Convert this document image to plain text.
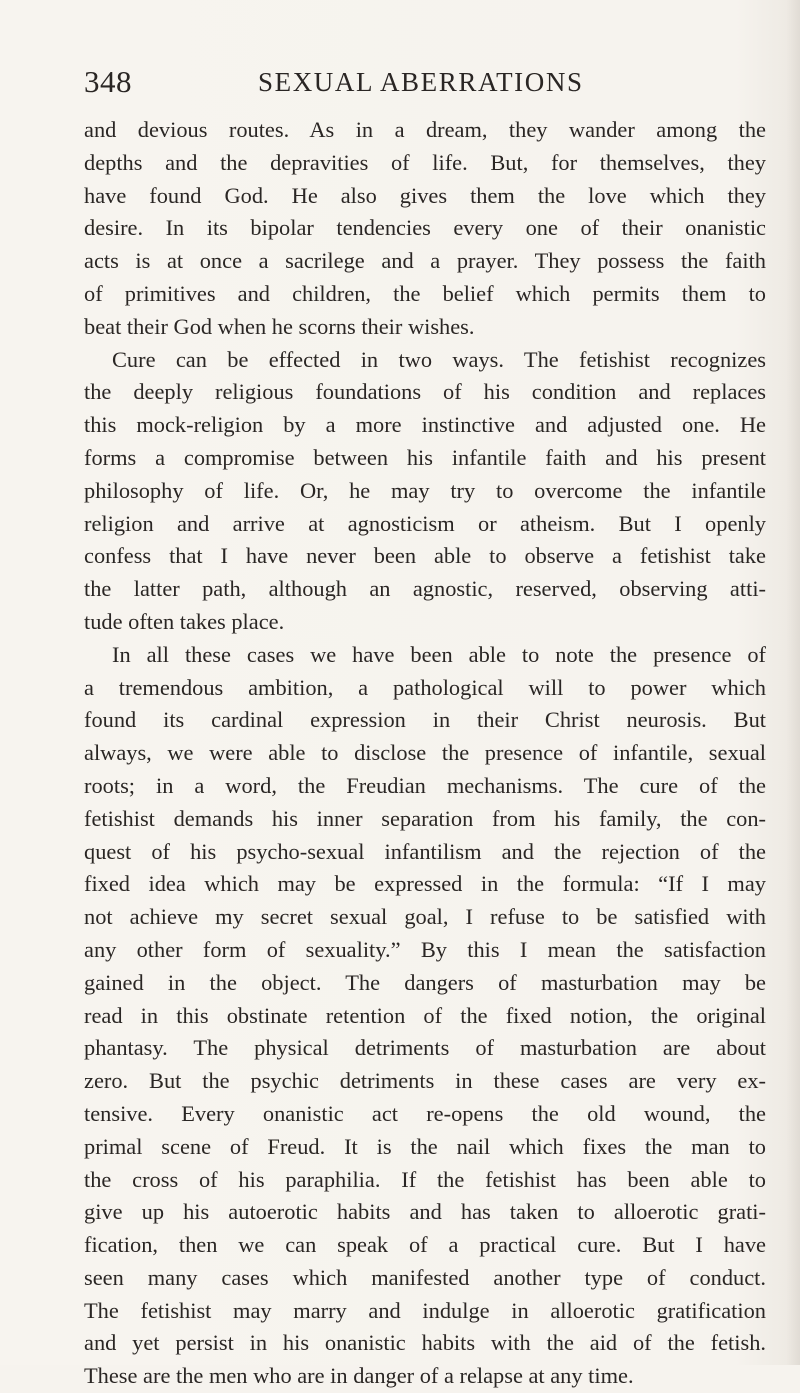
348	SEXUAL ABERRATIONS
and devious routes. As in a dream, they wander among the
depths and the depravities of life. But, for themselves, they
have found God. He also gives them the love which they
desire. In its bipolar tendencies every one of their onanistic
acts is at once a sacrilege and a prayer. They possess the faith
of primitives and children, the belief which permits them to
beat their God when he scorns their wishes.
Cure can be effected in two ways. The fetishist recognizes
the deeply religious foundations of his condition and replaces
this mock-religion by a more instinctive and adjusted one. He
forms a compromise between his infantile faith and his present
philosophy of life. Or, he may try to overcome the infantile
religion and arrive at agnosticism or atheism. But I openly
confess that I have never been able to observe a fetishist take
the latter path, although an agnostic, reserved, observing atti-
tude often takes place.
In all these cases we have been able to note the presence of
a tremendous ambition, a pathological will to power which
found its cardinal expression in their Christ neurosis. But
always, we were able to disclose the presence of infantile, sexual
roots; in a word, the Freudian mechanisms. The cure of the
fetishist demands his inner separation from his family, the con-
quest of his psycho-sexual infantilism and the rejection of the
fixed idea which may be expressed in the formula: “If I may
not achieve my secret sexual goal, I refuse to be satisfied with
any other form of sexuality.” By this I mean the satisfaction
gained in the object. The dangers of masturbation may be
read in this obstinate retention of the fixed notion, the original
phantasy. The physical detriments of masturbation are about
zero. But the psychic detriments in these cases are very ex-
tensive. Every onanistic act re-opens the old wound, the
primal scene of Freud. It is the nail which fixes the man to
the cross of his paraphilia. If the fetishist has been able to
give up his autoerotic habits and has taken to alloerotic grati-
fication, then we can speak of a practical cure. But I have
seen many cases which manifested another type of conduct.
The fetishist may marry and indulge in alloerotic gratification
and yet persist in his onanistic habits with the aid of the fetish.
These are the men who are in danger of a relapse at any time.
